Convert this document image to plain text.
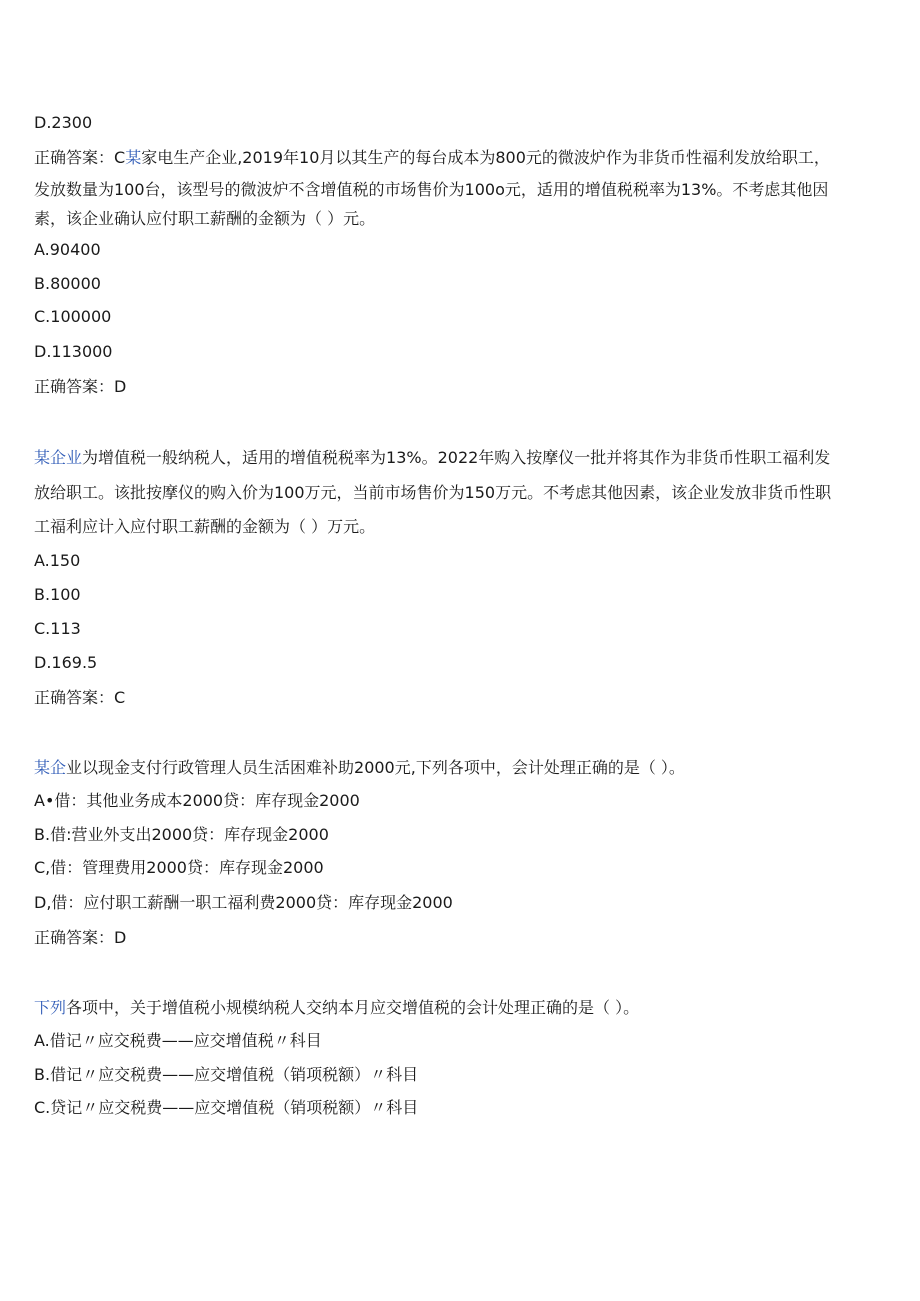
D.2300
正确答案：C某家电生产企业,2019年10月以其生产的每台成本为800元的微波炉作为非货币性福利发放给职工，
发放数量为100台，该型号的微波炉不含增值税的市场售价为100o元，适用的增值税税率为13%。不考虑其他因
素，该企业确认应付职工薪酬的金额为（ ）元。
A.90400
B.80000
C.100000
D.113000
正确答案：D
某企业为增值税一般纳税人，适用的增值税税率为13%。2022年购入按摩仪一批并将其作为非货币性职工福利发
放给职工。该批按摩仪的购入价为100万元，当前市场售价为150万元。不考虑其他因素，该企业发放非货币性职
工福利应计入应付职工薪酬的金额为（ ）万元。
A.150
B.100
C.113
D.169.5
正确答案：C
某企业以现金支付行政管理人员生活困难补助2000元,下列各项中，会计处理正确的是（ ）。
A•借：其他业务成本2000贷：库存现金2000
B.借:营业外支出2000贷：库存现金2000
C,借：管理费用2000贷：库存现金2000
D,借：应付职工薪酬一职工福利费2000贷：库存现金2000
正确答案：D
下列各项中，关于增值税小规模纳税人交纳本月应交增值税的会计处理正确的是（ ）。
A.借记〃应交税费——应交增值税〃科目
B.借记〃应交税费——应交增值税（销项税额）〃科目
C.贷记〃应交税费——应交增值税（销项税额）〃科目
